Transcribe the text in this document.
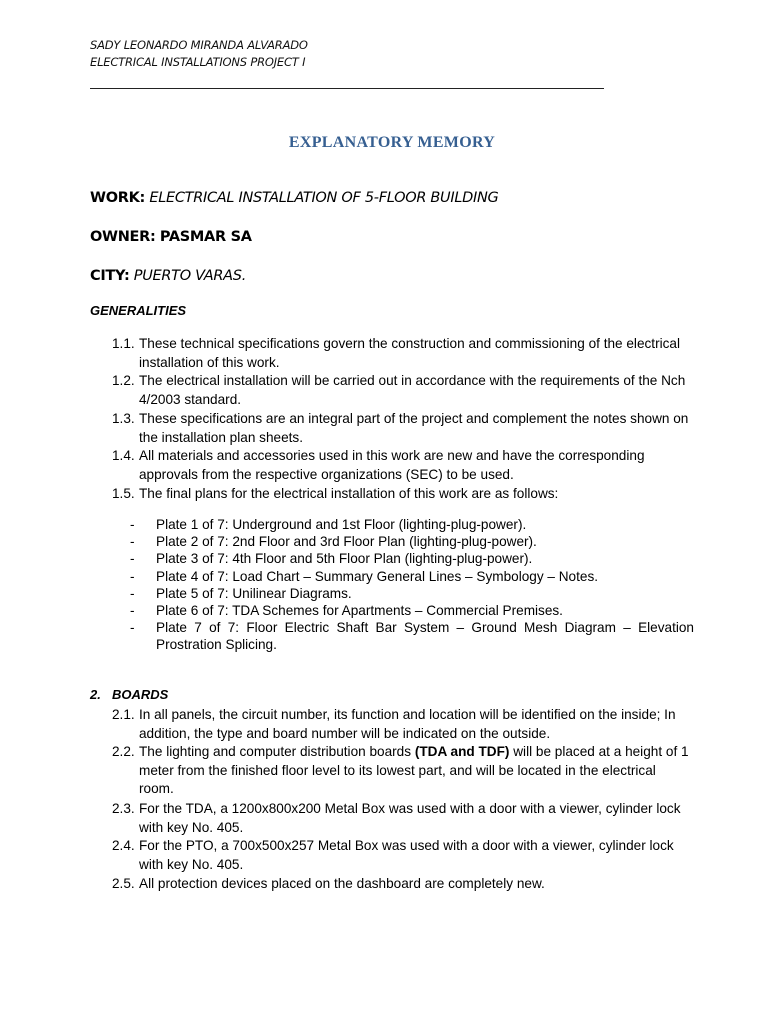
SADY LEONARDO MIRANDA ALVARADO
ELECTRICAL INSTALLATIONS PROJECT I
EXPLANATORY MEMORY
WORK: ELECTRICAL INSTALLATION OF 5-FLOOR BUILDING
OWNER: PASMAR SA
CITY: PUERTO VARAS.
GENERALITIES
1.1. These technical specifications govern the construction and commissioning of the electrical installation of this work.
1.2. The electrical installation will be carried out in accordance with the requirements of the Nch 4/2003 standard.
1.3. These specifications are an integral part of the project and complement the notes shown on the installation plan sheets.
1.4. All materials and accessories used in this work are new and have the corresponding approvals from the respective organizations (SEC) to be used.
1.5. The final plans for the electrical installation of this work are as follows:
- Plate 1 of 7: Underground and 1st Floor (lighting-plug-power).
- Plate 2 of 7: 2nd Floor and 3rd Floor Plan (lighting-plug-power).
- Plate 3 of 7: 4th Floor and 5th Floor Plan (lighting-plug-power).
- Plate 4 of 7: Load Chart – Summary General Lines – Symbology – Notes.
- Plate 5 of 7: Unilinear Diagrams.
- Plate 6 of 7: TDA Schemes for Apartments – Commercial Premises.
- Plate 7 of 7: Floor Electric Shaft Bar System – Ground Mesh Diagram – Elevation Prostration Splicing.
2. BOARDS
2.1. In all panels, the circuit number, its function and location will be identified on the inside; In addition, the type and board number will be indicated on the outside.
2.2. The lighting and computer distribution boards (TDA and TDF) will be placed at a height of 1 meter from the finished floor level to its lowest part, and will be located in the electrical room.
2.3. For the TDA, a 1200x800x200 Metal Box was used with a door with a viewer, cylinder lock with key No. 405.
2.4. For the PTO, a 700x500x257 Metal Box was used with a door with a viewer, cylinder lock with key No. 405.
2.5. All protection devices placed on the dashboard are completely new.
